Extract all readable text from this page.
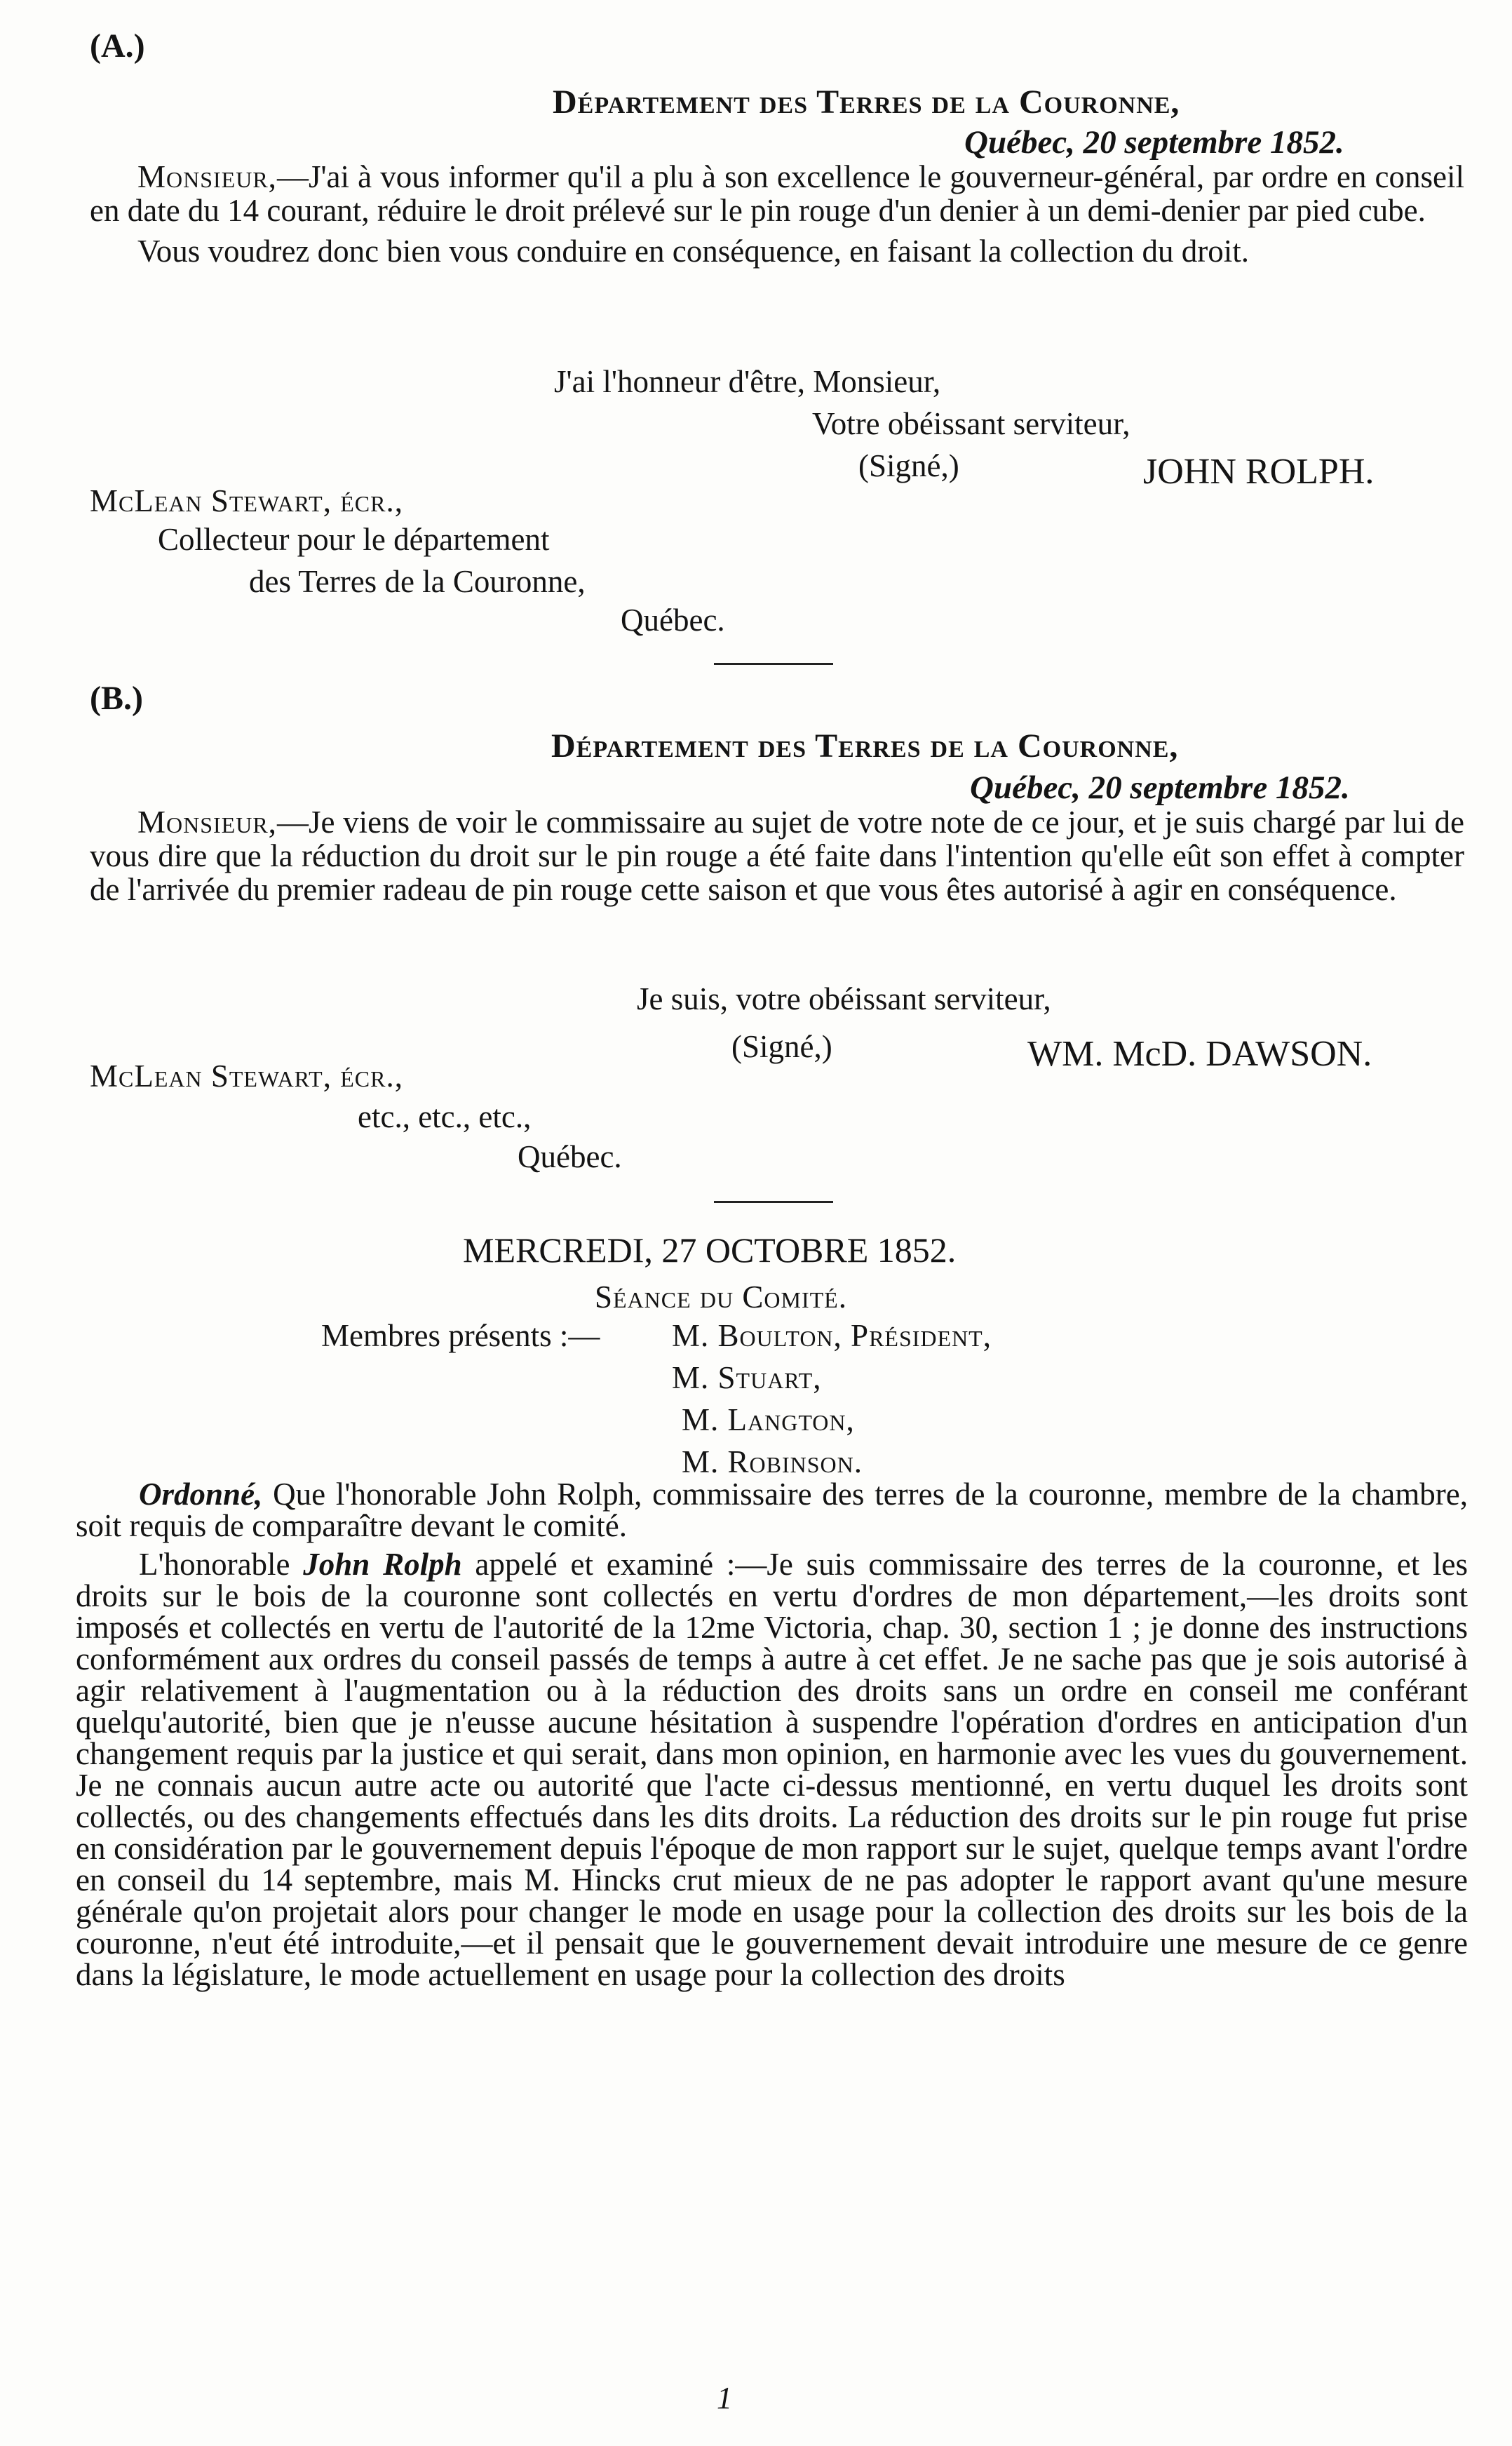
(A.)
Département des Terres de la Couronne,
Québec, 20 septembre 1852.

Monsieur,—J'ai à vous informer qu'il a plu à son excellence le gouverneur-général, par ordre en conseil en date du 14 courant, réduire le droit prélevé sur le pin rouge d'un denier à un demi-denier par pied cube.

Vous voudrez donc bien vous conduire en conséquence, en faisant la collection du droit.

J'ai l'honneur d'être, Monsieur,
Votre obéissant serviteur,
(Signé,)	JOHN ROLPH.
McLean Stewart, écr.,
Collecteur pour le département
des Terres de la Couronne,
Québec.
(B.)
Département des Terres de la Couronne,
Québec, 20 septembre 1852.

Monsieur,—Je viens de voir le commissaire au sujet de votre note de ce jour, et je suis chargé par lui de vous dire que la réduction du droit sur le pin rouge a été faite dans l'intention qu'elle eût son effet à compter de l'arrivée du premier radeau de pin rouge cette saison et que vous êtes autorisé à agir en conséquence.

Je suis, votre obéissant serviteur,
(Signé,)	WM. McD. DAWSON.
McLean Stewart, écr.,
etc., etc., etc.,
Québec.
MERCREDI, 27 OCTOBRE 1852.
Séance du Comité.
Membres présents :— M. Boulton, Président,
M. Stuart,
M. Langton,
M. Robinson.

Ordonné, Que l'honorable John Rolph, commissaire des terres de la couronne, membre de la chambre, soit requis de comparaître devant le comité.

L'honorable John Rolph appelé et examiné :—Je suis commissaire des terres de la couronne, et les droits sur le bois de la couronne sont collectés en vertu d'ordres de mon département,—les droits sont imposés et collectés en vertu de l'autorité de la 12me Victoria, chap. 30, section 1 ; je donne des instructions conformément aux ordres du conseil passés de temps à autre à cet effet. Je ne sache pas que je sois autorisé à agir relativement à l'augmentation ou à la réduction des droits sans un ordre en conseil me conférant quelqu'autorité, bien que je n'eusse aucune hésitation à suspendre l'opération d'ordres en anticipation d'un changement requis par la justice et qui serait, dans mon opinion, en harmonie avec les vues du gouvernement. Je ne connais aucun autre acte ou autorité que l'acte ci-dessus mentionné, en vertu duquel les droits sont collectés, ou des changements effectués dans les dits droits. La réduction des droits sur le pin rouge fut prise en considération par le gouvernement depuis l'époque de mon rapport sur le sujet, quelque temps avant l'ordre en conseil du 14 septembre, mais M. Hincks crut mieux de ne pas adopter le rapport avant qu'une mesure générale qu'on projetait alors pour changer le mode en usage pour la collection des droits sur les bois de la couronne, n'eut été introduite,—et il pensait que le gouvernement devait introduire une mesure de ce genre dans la législature, le mode actuellement en usage pour la collection des droits

1
